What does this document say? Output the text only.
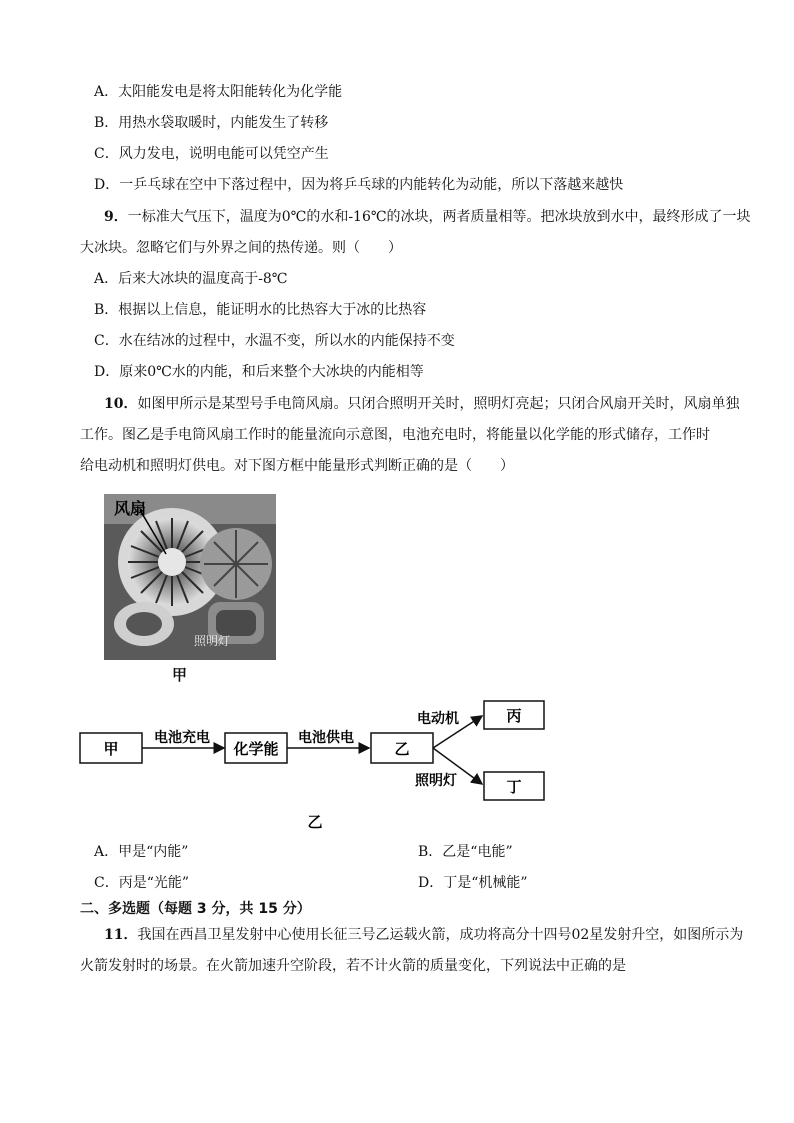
A．太阳能发电是将太阳能转化为化学能
B．用热水袋取暖时，内能发生了转移
C．风力发电，说明电能可以凭空产生
D．一乒乓球在空中下落过程中，因为将乒乓球的内能转化为动能，所以下落越来越快
9．一标准大气压下，温度为0℃的水和-16℃的冰块，两者质量相等。把冰块放到水中，最终形成了一块
大冰块。忽略它们与外界之间的热传递。则（　　）
A．后来大冰块的温度高于-8℃
B．根据以上信息，能证明水的比热容大于冰的比热容
C．水在结冰的过程中，水温不变，所以水的内能保持不变
D．原来0℃水的内能，和后来整个大冰块的内能相等
10．如图甲所示是某型号手电筒风扇。只闭合照明开关时，照明灯亮起；只闭合风扇开关时，风扇单独
工作。图乙是手电筒风扇工作时的能量流向示意图，电池充电时，将能量以化学能的形式储存，工作时
给电动机和照明灯供电。对下图方框中能量形式判断正确的是（　　）
风扇
照明灯
甲
甲
电池充电
化学能
电池供电
乙
电动机	丙
照明灯	丁
乙
A．甲是“内能”	B．乙是“电能”
C．丙是“光能”	D．丁是“机械能”
二、多选题（每题 3 分，共 15 分）
11．我国在西昌卫星发射中心使用长征三号乙运载火箭，成功将高分十四号02星发射升空，如图所示为
火箭发射时的场景。在火箭加速升空阶段，若不计火箭的质量变化，下列说法中正确的是
